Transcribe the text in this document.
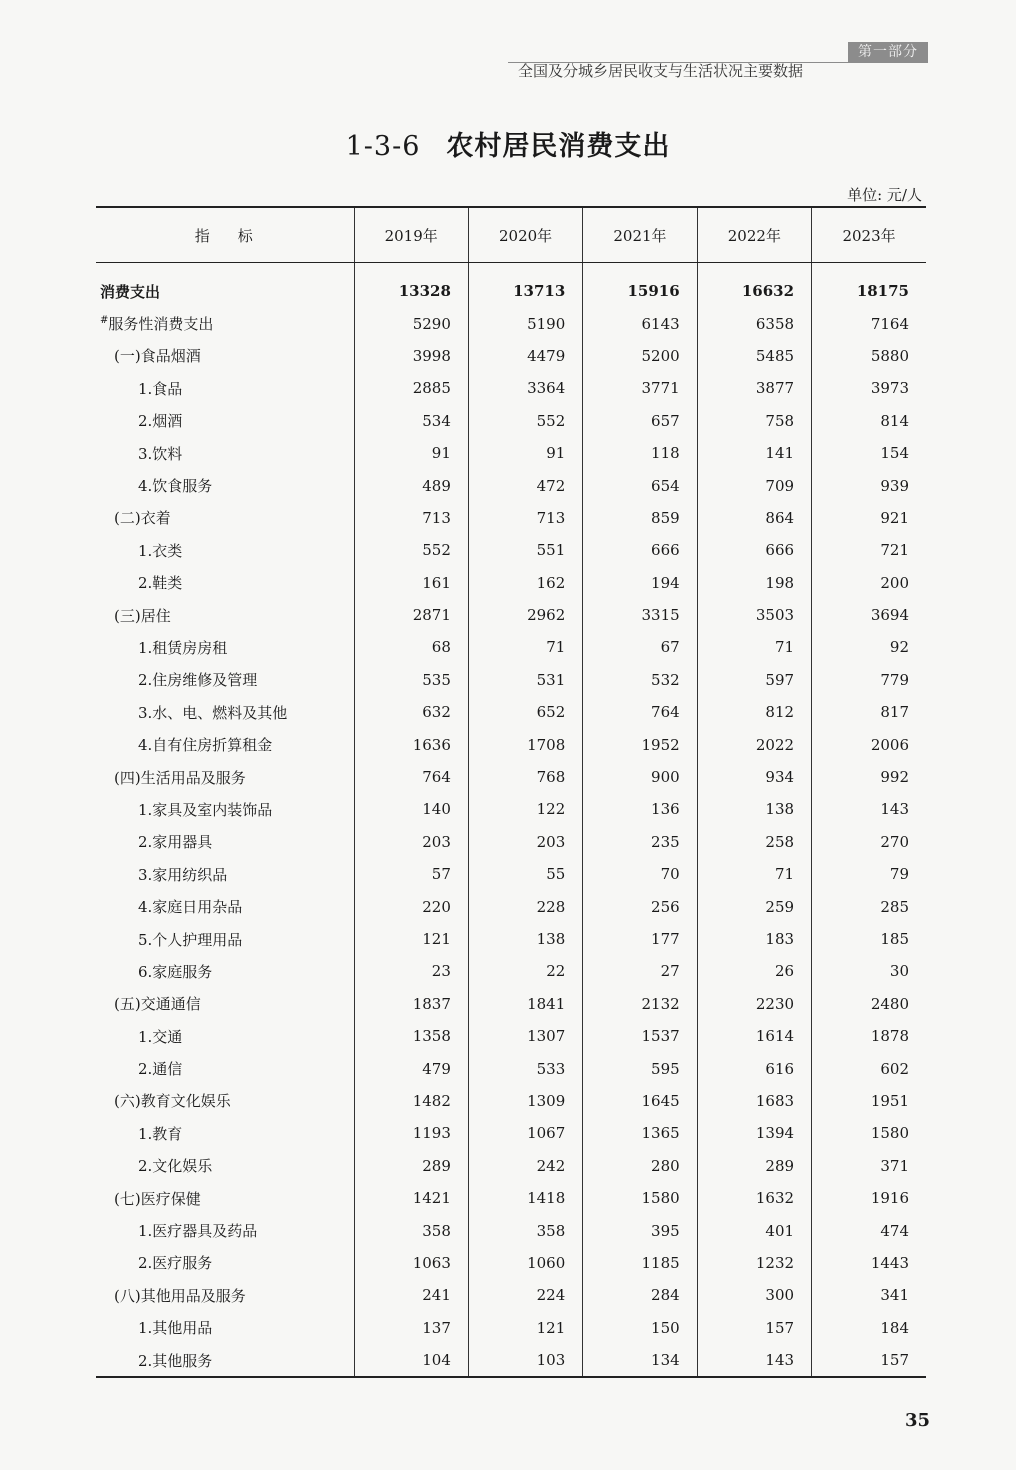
第一部分
全国及分城乡居民收支与生活状况主要数据
1-3-6 农村居民消费支出
单位: 元/人
指标	2019年	2020年	2021年	2022年	2023年

消费支出	13328	13713	15916	16632	18175
#服务性消费支出	5290	5190	6143	6358	7164
(一)食品烟酒	3998	4479	5200	5485	5880
1.食品	2885	3364	3771	3877	3973
2.烟酒	534	552	657	758	814
3.饮料	91	91	118	141	154
4.饮食服务	489	472	654	709	939
(二)衣着	713	713	859	864	921
1.衣类	552	551	666	666	721
2.鞋类	161	162	194	198	200
(三)居住	2871	2962	3315	3503	3694
1.租赁房房租	68	71	67	71	92
2.住房维修及管理	535	531	532	597	779
3.水、电、燃料及其他	632	652	764	812	817
4.自有住房折算租金	1636	1708	1952	2022	2006
(四)生活用品及服务	764	768	900	934	992
1.家具及室内装饰品	140	122	136	138	143
2.家用器具	203	203	235	258	270
3.家用纺织品	57	55	70	71	79
4.家庭日用杂品	220	228	256	259	285
5.个人护理用品	121	138	177	183	185
6.家庭服务	23	22	27	26	30
(五)交通通信	1837	1841	2132	2230	2480
1.交通	1358	1307	1537	1614	1878
2.通信	479	533	595	616	602
(六)教育文化娱乐	1482	1309	1645	1683	1951
1.教育	1193	1067	1365	1394	1580
2.文化娱乐	289	242	280	289	371
(七)医疗保健	1421	1418	1580	1632	1916
1.医疗器具及药品	358	358	395	401	474
2.医疗服务	1063	1060	1185	1232	1443
(八)其他用品及服务	241	224	284	300	341
1.其他用品	137	121	150	157	184
2.其他服务	104	103	134	143	157
35
